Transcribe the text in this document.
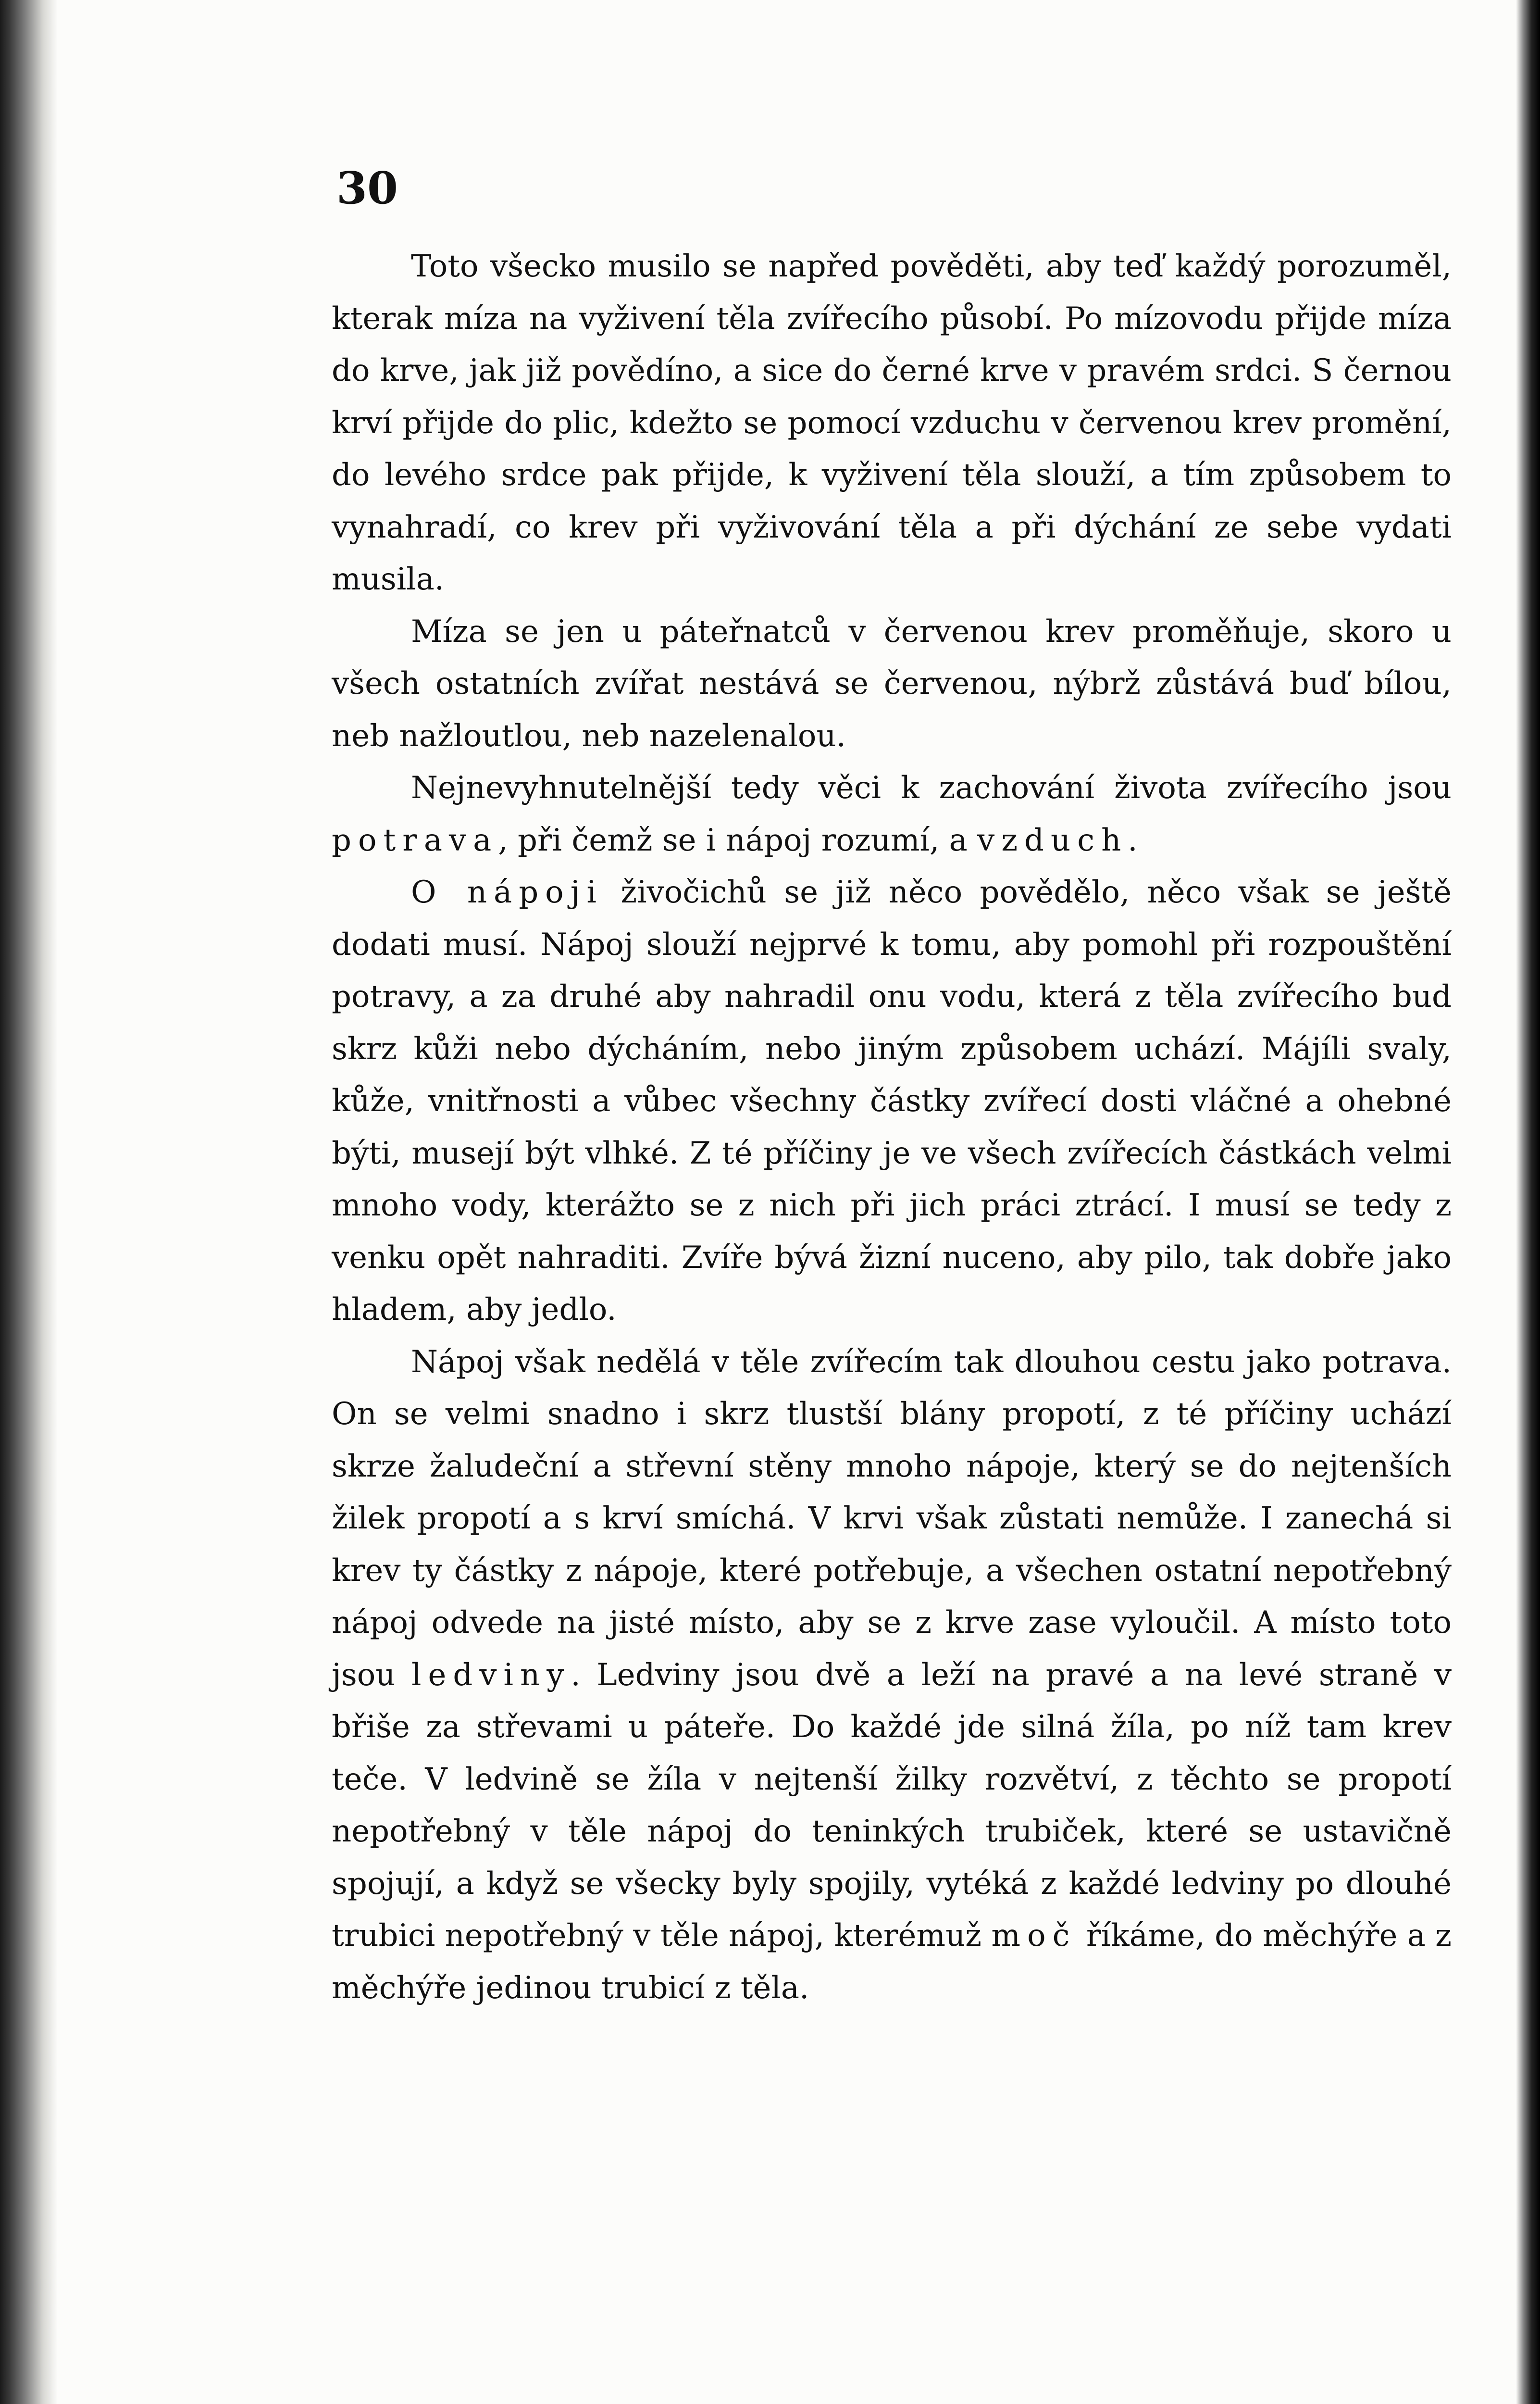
30

Toto všecko musilo se napřed pověděti, aby teď každý porozuměl, kterak míza na vyživení těla zvířecího působí. Po mízovodu přijde míza do krve, jak již povědíno, a sice do černé krve v pravém srdci. S černou krví přijde do plic, kdežto se pomocí vzduchu v červenou krev promění, do levého srdce pak přijde, k vyživení těla slouží, a tím způsobem to vynahradí, co krev při vyživování těla a při dýchání ze sebe vydati musila.

Míza se jen u páteřnatců v červenou krev proměňuje, skoro u všech ostatních zvířat nestává se červenou, nýbrž zůstává buď bílou, neb nažloutlou, neb nazelenalou.

Nejnevyhnutelnější tedy věci k zachování života zvířecího jsou potrava, při čemž se i nápoj rozumí, a vzduch.

O nápoji živočichů se již něco povědělo, něco však se ještě dodati musí. Nápoj slouží nejprvé k tomu, aby pomohl při rozpouštění potravy, a za druhé aby nahradil onu vodu, která z těla zvířecího bud skrz kůži nebo dýcháním, nebo jiným způsobem uchází. Májíli svaly, kůže, vnitřnosti a vůbec všechny částky zvířecí dosti vláčné a ohebné býti, musejí být vlhké. Z té příčiny je ve všech zvířecích částkách velmi mnoho vody, kterážto se z nich při jich práci ztrácí. I musí se tedy z venku opět nahraditi. Zvíře bývá žizní nuceno, aby pilo, tak dobře jako hladem, aby jedlo.

Nápoj však nedělá v těle zvířecím tak dlouhou cestu jako potrava. On se velmi snadno i skrz tlustší blány propotí, z té příčiny uchází skrze žaludeční a střevní stěny mnoho nápoje, který se do nejtenších žilek propotí a s krví smíchá. V krvi však zůstati nemůže. I zanechá si krev ty částky z nápoje, které potřebuje, a všechen ostatní nepotřebný nápoj odvede na jisté místo, aby se z krve zase vyloučil. A místo toto jsou ledviny. Ledviny jsou dvě a leží na pravé a na levé straně v břiše za střevami u páteře. Do každé jde silná žíla, po níž tam krev teče. V ledvině se žíla v nejtenší žilky rozvětví, z těchto se propotí nepotřebný v těle nápoj do teninkých trubiček, které se ustavičně spojují, a když se všecky byly spojily, vytéká z každé ledviny po dlouhé trubici nepotřebný v těle nápoj, kterémuž moč říkáme, do měchýře a z měchýře jedinou trubicí z těla.
